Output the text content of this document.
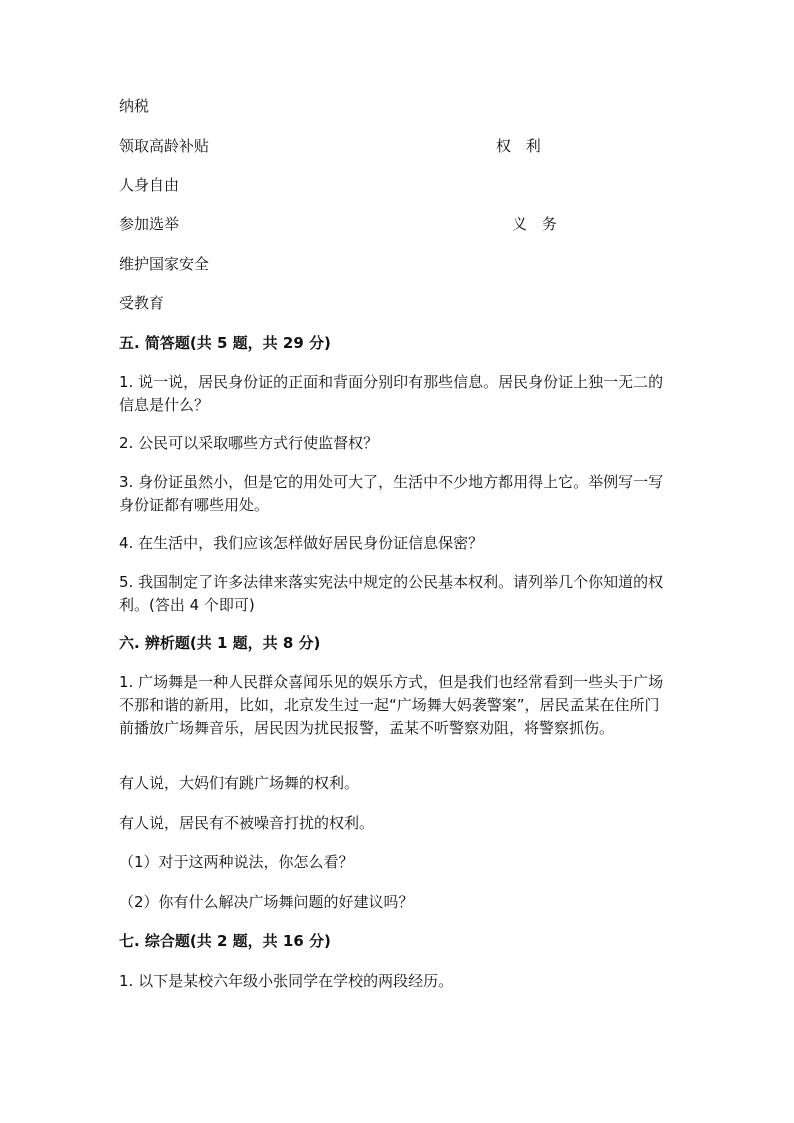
纳税
领取高龄补贴	权 利
人身自由
参加选举	义 务
维护国家安全
受教育
五. 简答题(共 5 题，共 29 分)
1. 说一说，居民身份证的正面和背面分别印有那些信息。居民身份证上独一无二的信息是什么？
2. 公民可以采取哪些方式行使监督权？
3. 身份证虽然小，但是它的用处可大了，生活中不少地方都用得上它。举例写一写身份证都有哪些用处。
4. 在生活中，我们应该怎样做好居民身份证信息保密？
5. 我国制定了许多法律来落实宪法中规定的公民基本权利。请列举几个你知道的权利。(答出 4 个即可)
六. 辨析题(共 1 题，共 8 分)
1. 广场舞是一种人民群众喜闻乐见的娱乐方式，但是我们也经常看到一些头于广场不那和谐的新用，比如，北京发生过一起“广场舞大妈袭警案”，居民孟某在住所门前播放广场舞音乐，居民因为扰民报警，孟某不听警察劝阻，将警察抓伤。
有人说，大妈们有跳广场舞的权利。
有人说，居民有不被噪音打扰的权利。
（1）对于这两种说法，你怎么看？
（2）你有什么解决广场舞问题的好建议吗？
七. 综合题(共 2 题，共 16 分)
1. 以下是某校六年级小张同学在学校的两段经历。
